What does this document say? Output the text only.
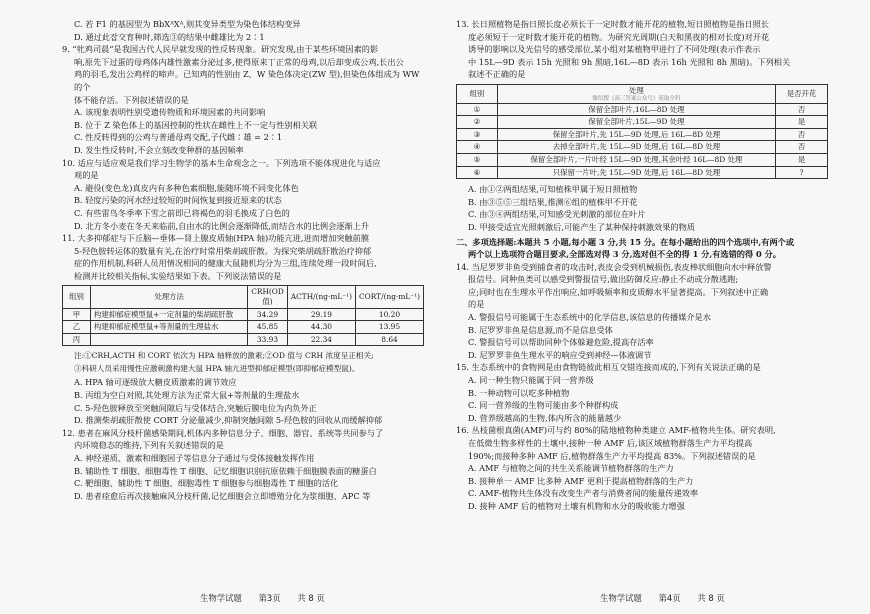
C. 若 F1 的基因型为 BbXᴬXᴬ,则其变异类型为染色体结构变异

D. 通过此잡交育种时,筛选③的结果中雌雄比为 2∶1

9. “牝鸡司晨”是我国古代人民早就发现的性反转现象。研究发现,由于某些环境因素的影

响,原先下过蛋的母鸡体内雄性激素分泌过多,使得原来丁正常的母鸡,以后却变成公鸡,长出公

鸡的羽毛,发出公鸡样的啼声。已知鸡的性别由 Z、W 染色体决定(ZW 型),但染色体组成为 WW 的个

体不能存活。下列叙述错误的是

A. 该现象表明性别受遗传物质和环境因素的共同影响

B. 位于 Z 染色体上的基因控制的性状在雌性上不一定与性别相关联

C. 性反转得到的公鸡与普通母鸡交配,子代雌∶雄 = 2∶1

D. 发生性反转时,不会立刻改变种群的基因频率

10. 适应与适应观是我们学习生物学的基本生命观念之一。下列选项不能体现进化与适应

观的是

A. 避役(变色龙)真皮内有多种色素细胞,能随环境不同变化体色

B. 轻度污染的河水经过较短的时间恢复到接近原来的状态

C. 有些雷鸟冬季率下雪之前即已将褐色的羽毛换成了白色的

D. 北方冬小麦在冬天来临前,自由水的比例会逐渐降低,而结合水的比例会逐渐上升

11. 大多抑郁症与下丘脑—垂体—肾上腺皮质轴(HPA 轴)功能亢进,进而增加突触前膜

5-羟色胺转运体的数量有关,在治疗时常用柴胡疏肝散。为探究柴胡疏肝散治疗抑郁

症的作用机制,科研人员用情况相同的健康大鼠随机均分为三组,连续处理一段时间后,

检测并比较相关指标,实验结果如下表。下列说法错误的是

组别	处理方法	CRH(OD值)	ACTH/(ng·mL⁻¹)	CORT/(ng·mL⁻¹)
甲	构建抑郁症模型鼠+一定剂量的柴胡疏肝散	34.29	29.19	10.20
乙	构建抑郁症模型鼠+等剂量的生理盐水	45.85	44.30	13.95
丙		33.93	22.34	8.64

注:①CRH,ACTH 和 CORT 依次为 HPA 轴释放的激素;②OD 值与 CRH 浓度呈正相关;

③科研人员采用慢性应激刺激构建大鼠 HPA 轴亢进型抑郁症模型(即抑郁症模型鼠)。

A. HPA 轴可逐级放大糖皮质激素的调节效应

B. 丙组为空白对照,其处理方法为正常大鼠+等剂量的生理盐水

C. 5-羟色胺释放至突触间隙后与受体结合,突触后膜电位为内负外正

D. 推测柴胡疏肝散使 CORT 分泌量减少,抑制突触间隙 5-羟色胺的回收从而缓解抑郁

12. 患者在麻风分枝杆菌感染期间,机体内多种信息分子、细胞、器官、系统等共同参与了

内环境稳态的维持,下列有关叙述错误的是

A. 神经递质、激素和细胞因子等信息分子通过与受体接触发挥作用

B. 辅助性 T 细胞、细胞毒性 T 细胞、记忆细胞识别抗原依赖于细胞膜表面的糖蛋白

C. 靶细胞、辅助性 T 细胞、细胞毒性 T 细胞参与细胞毒性 T 细胞的活化

D. 患者痊愈后再次接触麻风分枝杆菌,记忆细胞会立即增殖分化为浆细胞、APC 等

生物学试题 第3页 共 8 页

13. 长日照植物是指日照长度必须长于一定时数才能开花的植物,短日照植物是指日照长

度必须短于一定时数才能开花的植物。为研究光周期(白天和黑夜的相对长度)对开花

诱导的影响以及光信号的感受部位,某小组对某植物甲进行了不同处理(表示作表示

中 15L—9D 表示 15h 光照和 9h 黑暗,16L—8D 表示 16h 光照和 8h 黑暗)。下列相关

叙述不正确的是

组别	处理
微信搜《高三答案公众号》获取全科	是否开花
①	保留全部叶片,16L—8D 处理	否
②	保留全部叶片,15L—9D 处理	是
③	保留全部叶片,先 15L—9D 处理,后 16L—8D 处理	否
④	去掉全部叶片,先 15L—9D 处理,后 16L—8D 处理	否
⑤	保留全部叶片,一片叶经 15L—9D 处理,其余叶经 16L—8D 处理	是
⑥	只保留一片叶,先 15L—9D 处理,后 16L—8D 处理	?

A. 由①②两组结果,可知植株甲属于短日照植物

B. 由③⑤⑤三组结果,推测⑥组的植株甲不开花

C. 由③④两组结果,可知感受光刺激的部位在叶片

D. 甲接受适宜光照刺激后,可能产生了某种保持刺激效果的物质

二、多项选择题:本题共 5 小题,每小题 3 分,共 15 分。在每小题给出的四个选项中,有两个或

两个以上选项符合题目要求,全部选对得 3 分,选对但不全的得 1 分,有选错的得 0 分。

14. 当尼罗罗非鱼受到捕食者的攻击时,表皮会受到机械损伤,表皮棒状细胞向水中释放警

报信号。同种鱼类可以感受到警报信号,做出防御反应:静止不动或分散逃跑;

应;同时也在生理水平作出响应,如呼吸频率和皮质醇水平显著提高。下列叙述中正确

的是

A. 警报信号可能属于生态系统中的化学信息,该信息的传播媒介是水

B. 尼罗罗非鱼是信息源,而不是信息受体

C. 警报信号可以帮助同种个体躲避危险,提高存活率

D. 尼罗罗非鱼生理水平的响应受到神经—体液调节

15. 生态系统中的食物网是由食物链彼此相互交错连接而成的,下列有关说法正确的是

A. 同一种生物只能属于同一营养级

B. 一种动物可以吃多种植物

C. 同一营养级的生物可能由多个种群构成

D. 营养级越高的生物,体内所含的能量越少

16. 丛枝菌根真菌(AMF)可与约 80%的陆地植物种类建立 AMF-植物共生体。研究表明,

在低微生物多样性的土壤中,接种一种 AMF 后,该区域植物群落生产力平均提高

190%;而接种多种 AMF 后,植物群落生产力平均提高 83%。下列叙述错误的是

A. AMF 与植物之间的共生关系能调节植物群落的生产力

B. 接种单一 AMF 比多种 AMF 更利于提高植物群落的生产力

C. AMF-植物共生体没有改变生产者与消费者间的能量传递效率

D. 接种 AMF 后的植物对土壤有机物和水分的吸收能力增强

生物学试题 第4页 共 8 页
